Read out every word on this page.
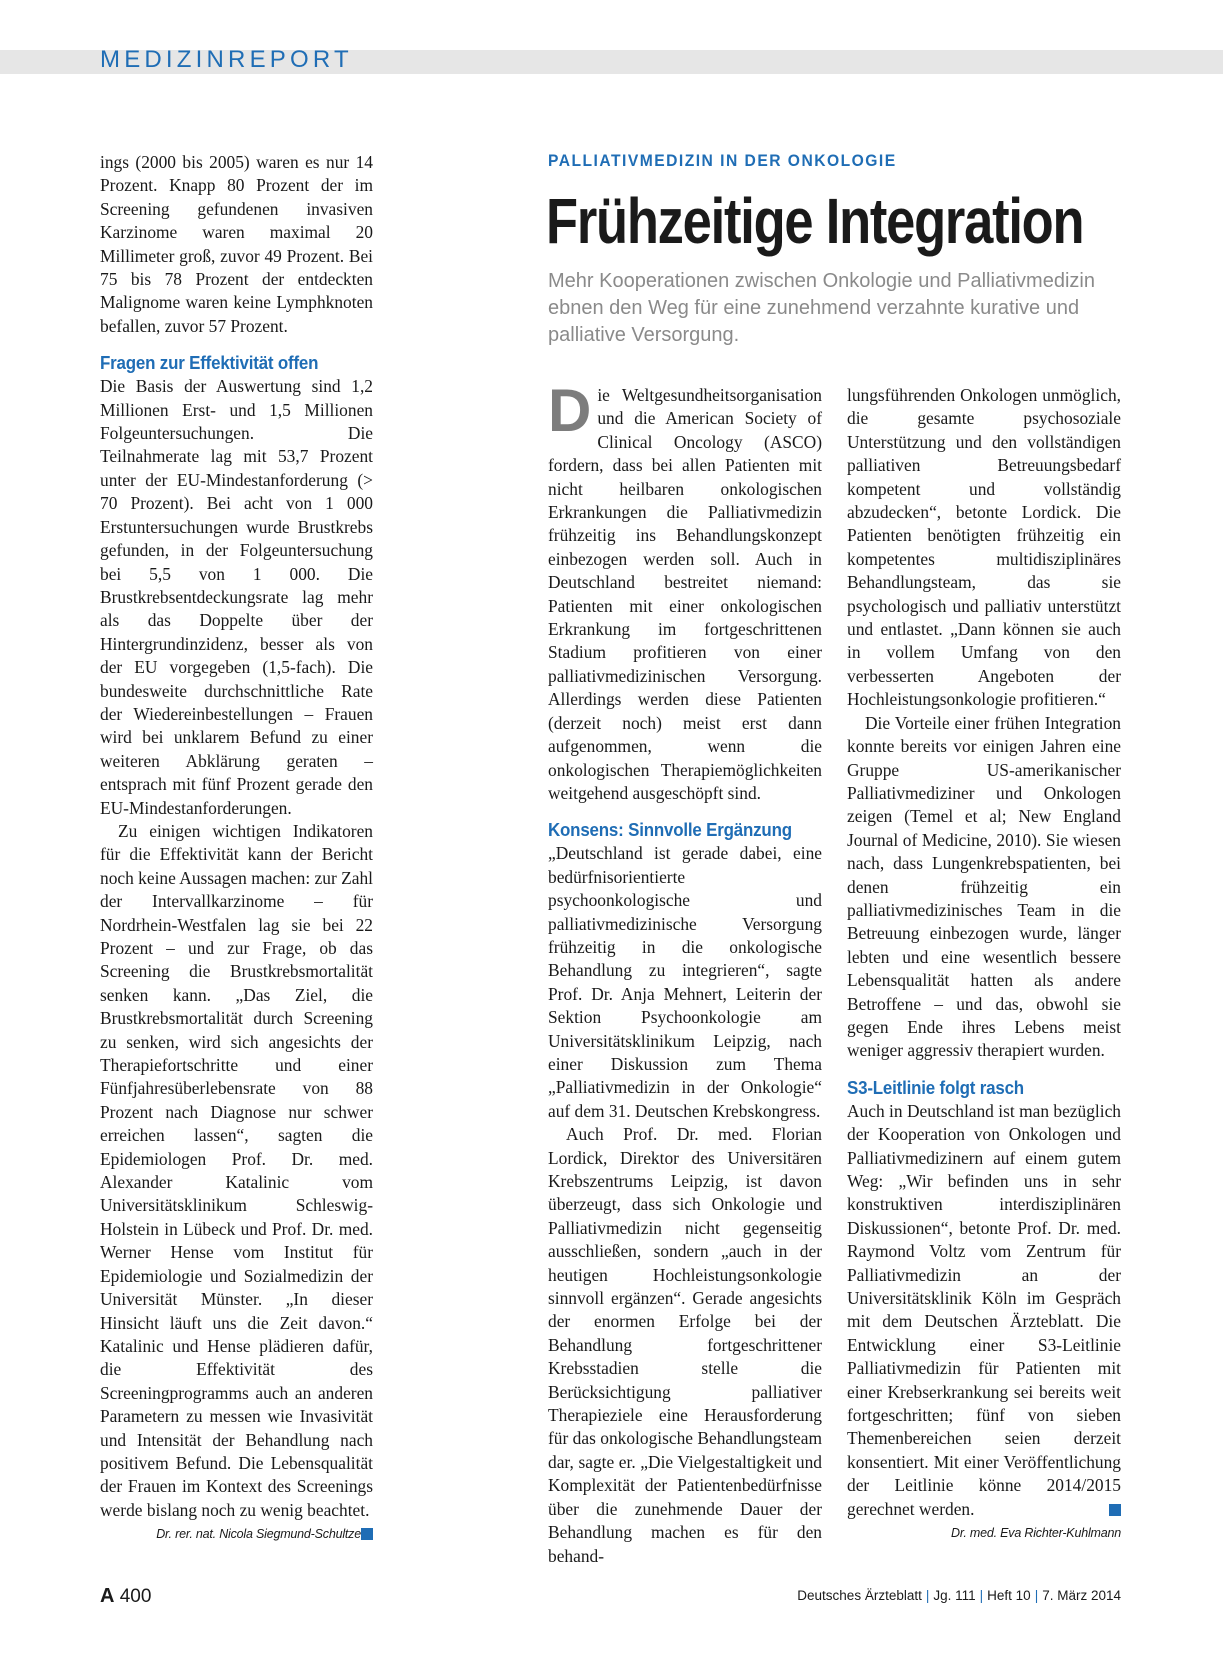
MEDIZINREPORT

ings (2000 bis 2005) waren es nur 14 Prozent. Knapp 80 Prozent der im Screening gefundenen invasiven Karzinome waren maximal 20 Millimeter groß, zuvor 49 Prozent. Bei 75 bis 78 Prozent der entdeckten Malignome waren keine Lymphknoten befallen, zuvor 57 Prozent.

Fragen zur Effektivität offen

Die Basis der Auswertung sind 1,2 Millionen Erst- und 1,5 Millionen Folgeuntersuchungen. Die Teilnahmerate lag mit 53,7 Prozent unter der EU-Mindestanforderung (> 70 Prozent). Bei acht von 1 000 Erstuntersuchungen wurde Brustkrebs gefunden, in der Folgeuntersuchung bei 5,5 von 1 000. Die Brustkrebsentdeckungsrate lag mehr als das Doppelte über der Hintergrundinzidenz, besser als von der EU vorgegeben (1,5-fach). Die bundesweite durchschnittliche Rate der Wiedereinbestellungen – Frauen wird bei unklarem Befund zu einer weiteren Abklärung geraten – entsprach mit fünf Prozent gerade den EU-Mindestanforderungen.

Zu einigen wichtigen Indikatoren für die Effektivität kann der Bericht noch keine Aussagen machen: zur Zahl der Intervallkarzinome – für Nordrhein-Westfalen lag sie bei 22 Prozent – und zur Frage, ob das Screening die Brustkrebsmortalität senken kann. „Das Ziel, die Brustkrebsmortalität durch Screening zu senken, wird sich angesichts der Therapiefortschritte und einer Fünfjahresüberlebensrate von 88 Prozent nach Diagnose nur schwer erreichen lassen“, sagten die Epidemiologen Prof. Dr. med. Alexander Katalinic vom Universitätsklinikum Schleswig-Holstein in Lübeck und Prof. Dr. med. Werner Hense vom Institut für Epidemiologie und Sozialmedizin der Universität Münster. „In dieser Hinsicht läuft uns die Zeit davon.“ Katalinic und Hense plädieren dafür, die Effektivität des Screeningprogramms auch an anderen Parametern zu messen wie Invasivität und Intensität der Behandlung nach positivem Befund. Die Lebensqualität der Frauen im Kontext des Screenings werde bislang noch zu wenig beachtet.

Dr. rer. nat. Nicola Siegmund-Schultze
PALLIATIVMEDIZIN IN DER ONKOLOGIE
Frühzeitige Integration
Mehr Kooperationen zwischen Onkologie und Palliativmedizin ebnen den Weg für eine zunehmend verzahnte kurative und palliative Versorgung.

Die Weltgesundheitsorganisation und die American Society of Clinical Oncology (ASCO) fordern, dass bei allen Patienten mit nicht heilbaren onkologischen Erkrankungen die Palliativmedizin frühzeitig ins Behandlungskonzept einbezogen werden soll. Auch in Deutschland bestreitet niemand: Patienten mit einer onkologischen Erkrankung im fortgeschrittenen Stadium profitieren von einer palliativmedizinischen Versorgung. Allerdings werden diese Patienten (derzeit noch) meist erst dann aufgenommen, wenn die onkologischen Therapiemöglichkeiten weitgehend ausgeschöpft sind.

Konsens: Sinnvolle Ergänzung

„Deutschland ist gerade dabei, eine bedürfnisorientierte psychoonkologische und palliativmedizinische Versorgung frühzeitig in die onkologische Behandlung zu integrieren“, sagte Prof. Dr. Anja Mehnert, Leiterin der Sektion Psychoonkologie am Universitätsklinikum Leipzig, nach einer Diskussion zum Thema „Palliativmedizin in der Onkologie“ auf dem 31. Deutschen Krebskongress.

Auch Prof. Dr. med. Florian Lordick, Direktor des Universitären Krebszentrums Leipzig, ist davon überzeugt, dass sich Onkologie und Palliativmedizin nicht gegenseitig ausschließen, sondern „auch in der heutigen Hochleistungsonkologie sinnvoll ergänzen“. Gerade angesichts der enormen Erfolge bei der Behandlung fortgeschrittener Krebsstadien stelle die Berücksichtigung palliativer Therapieziele eine Herausforderung für das onkologische Behandlungsteam dar, sagte er. „Die Vielgestaltigkeit und Komplexität der Patientenbedürfnisse über die zunehmende Dauer der Behandlung machen es für den behand-

lungsführenden Onkologen unmöglich, die gesamte psychosoziale Unterstützung und den vollständigen palliativen Betreuungsbedarf kompetent und vollständig abzudecken“, betonte Lordick. Die Patienten benötigten frühzeitig ein kompetentes multidisziplinäres Behandlungsteam, das sie psychologisch und palliativ unterstützt und entlastet. „Dann können sie auch in vollem Umfang von den verbesserten Angeboten der Hochleistungsonkologie profitieren.“

Die Vorteile einer frühen Integration konnte bereits vor einigen Jahren eine Gruppe US-amerikanischer Palliativmediziner und Onkologen zeigen (Temel et al; New England Journal of Medicine, 2010). Sie wiesen nach, dass Lungenkrebspatienten, bei denen frühzeitig ein palliativmedizinisches Team in die Betreuung einbezogen wurde, länger lebten und eine wesentlich bessere Lebensqualität hatten als andere Betroffene – und das, obwohl sie gegen Ende ihres Lebens meist weniger aggressiv therapiert wurden.

S3-Leitlinie folgt rasch

Auch in Deutschland ist man bezüglich der Kooperation von Onkologen und Palliativmedizinern auf einem gutem Weg: „Wir befinden uns in sehr konstruktiven interdisziplinären Diskussionen“, betonte Prof. Dr. med. Raymond Voltz vom Zentrum für Palliativmedizin an der Universitätsklinik Köln im Gespräch mit dem Deutschen Ärzteblatt. Die Entwicklung einer S3-Leitlinie Palliativmedizin für Patienten mit einer Krebserkrankung sei bereits weit fortgeschritten; fünf von sieben Themenbereichen seien derzeit konsentiert. Mit einer Veröffentlichung der Leitlinie könne 2014/2015 gerechnet werden.

Dr. med. Eva Richter-Kuhlmann
A 400	Deutsches Ärzteblatt | Jg. 111 | Heft 10 | 7. März 2014
